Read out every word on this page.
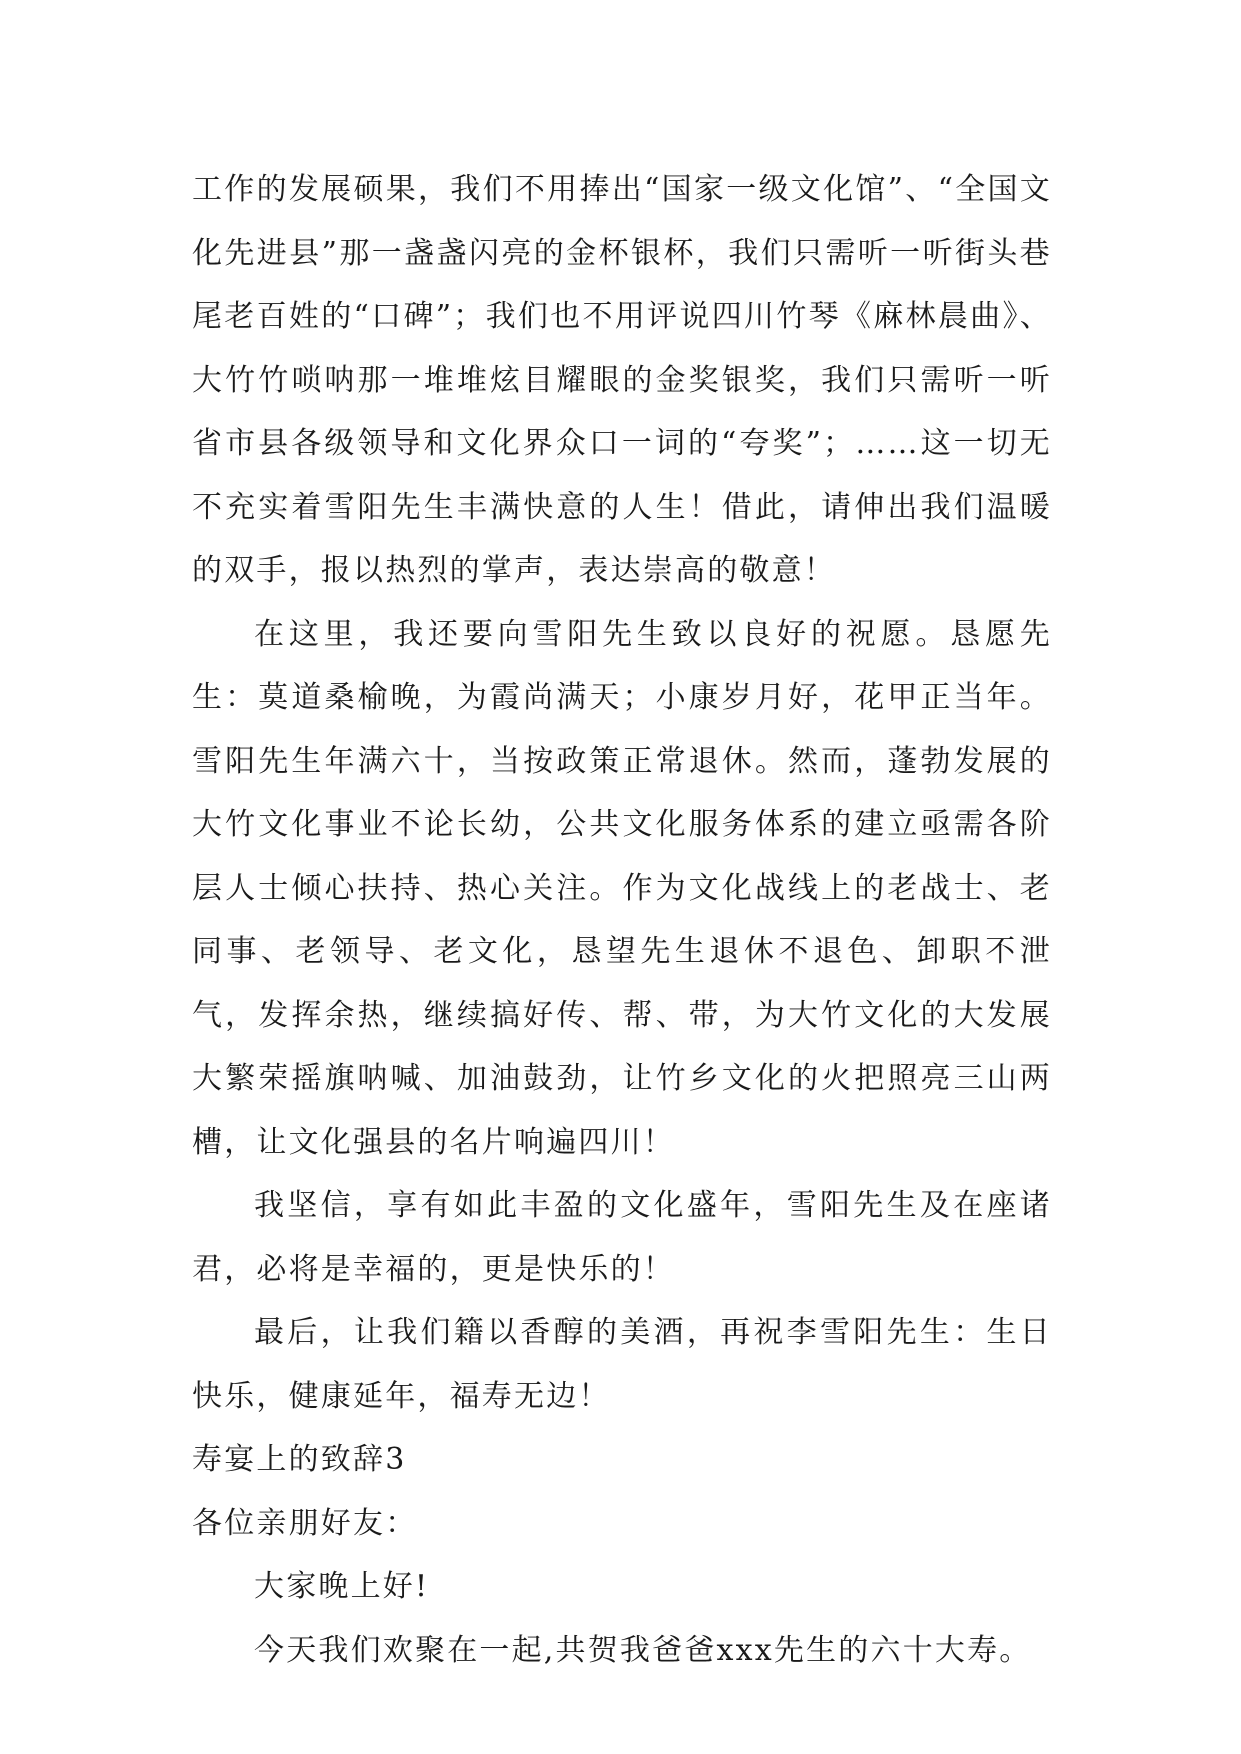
工作的发展硕果，我们不用捧出“国家一级文化馆”、“全国文化先进县”那一盏盏闪亮的金杯银杯，我们只需听一听街头巷尾老百姓的“口碑”；我们也不用评说四川竹琴《麻林晨曲》、大竹竹唢呐那一堆堆炫目耀眼的金奖银奖，我们只需听一听省市县各级领导和文化界众口一词的“夸奖”；……这一切无不充实着雪阳先生丰满快意的人生！借此，请伸出我们温暖的双手，报以热烈的掌声，表达崇高的敬意！

在这里，我还要向雪阳先生致以良好的祝愿。恳愿先生：莫道桑榆晚，为霞尚满天；小康岁月好，花甲正当年。雪阳先生年满六十，当按政策正常退休。然而，蓬勃发展的大竹文化事业不论长幼，公共文化服务体系的建立亟需各阶层人士倾心扶持、热心关注。作为文化战线上的老战士、老同事、老领导、老文化，恳望先生退休不退色、卸职不泄气，发挥余热，继续搞好传、帮、带，为大竹文化的大发展大繁荣摇旗呐喊、加油鼓劲，让竹乡文化的火把照亮三山两槽，让文化强县的名片响遍四川！

我坚信，享有如此丰盈的文化盛年，雪阳先生及在座诸君，必将是幸福的，更是快乐的！

最后，让我们籍以香醇的美酒，再祝李雪阳先生：生日快乐，健康延年，福寿无边！

寿宴上的致辞3

各位亲朋好友：

大家晚上好!

今天我们欢聚在一起,共贺我爸爸xxx先生的六十大寿。
